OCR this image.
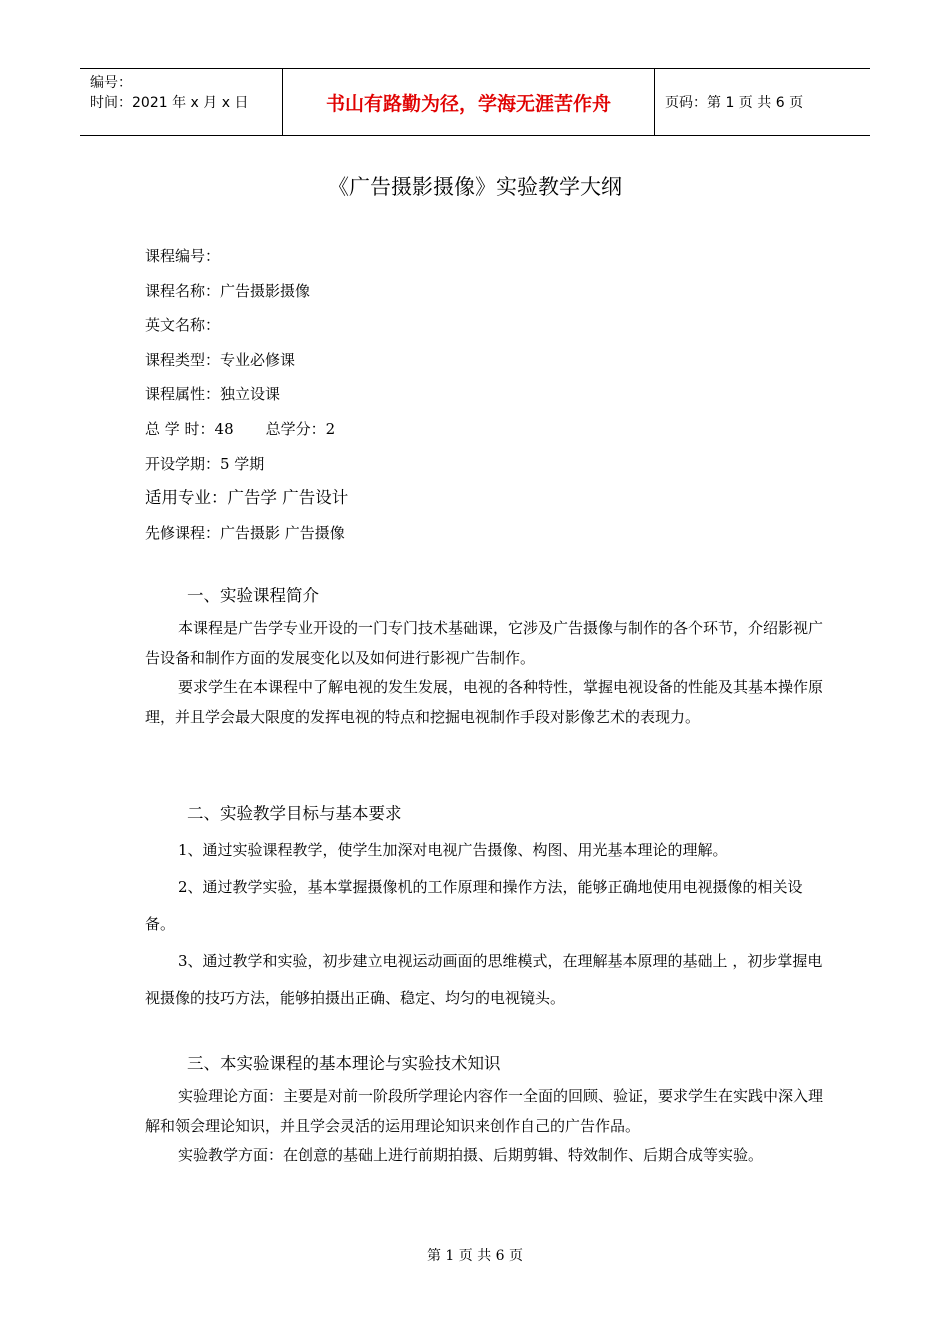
编号：
时间：2021 年 x 月 x 日	书山有路勤为径，学海无涯苦作舟	页码：第 1 页 共 6 页
《广告摄影摄像》实验教学大纲
课程编号：
课程名称：广告摄影摄像
英文名称：
课程类型：专业必修课
课程属性：独立设课
总 学 时：48 总学分：2
开设学期：5 学期
适用专业：广告学 广告设计
先修课程：广告摄影 广告摄像
一、实验课程简介

本课程是广告学专业开设的一门专门技术基础课，它涉及广告摄像与制作的各个环节，介绍影视广告设备和制作方面的发展变化以及如何进行影视广告制作。

要求学生在本课程中了解电视的发生发展，电视的各种特性，掌握电视设备的性能及其基本操作原理，并且学会最大限度的发挥电视的特点和挖掘电视制作手段对影像艺术的表现力。

二、实验教学目标与基本要求

1、通过实验课程教学，使学生加深对电视广告摄像、构图、用光基本理论的理解。

2、通过教学实验，基本掌握摄像机的工作原理和操作方法，能够正确地使用电视摄像的相关设备。

3、通过教学和实验，初步建立电视运动画面的思维模式，在理解基本原理的基础上 ，初步掌握电视摄像的技巧方法，能够拍摄出正确、稳定、均匀的电视镜头。

三、本实验课程的基本理论与实验技术知识

实验理论方面：主要是对前一阶段所学理论内容作一全面的回顾、验证，要求学生在实践中深入理解和领会理论知识，并且学会灵活的运用理论知识来创作自己的广告作品。

实验教学方面：在创意的基础上进行前期拍摄、后期剪辑、特效制作、后期合成等实验。

第 1 页 共 6 页
